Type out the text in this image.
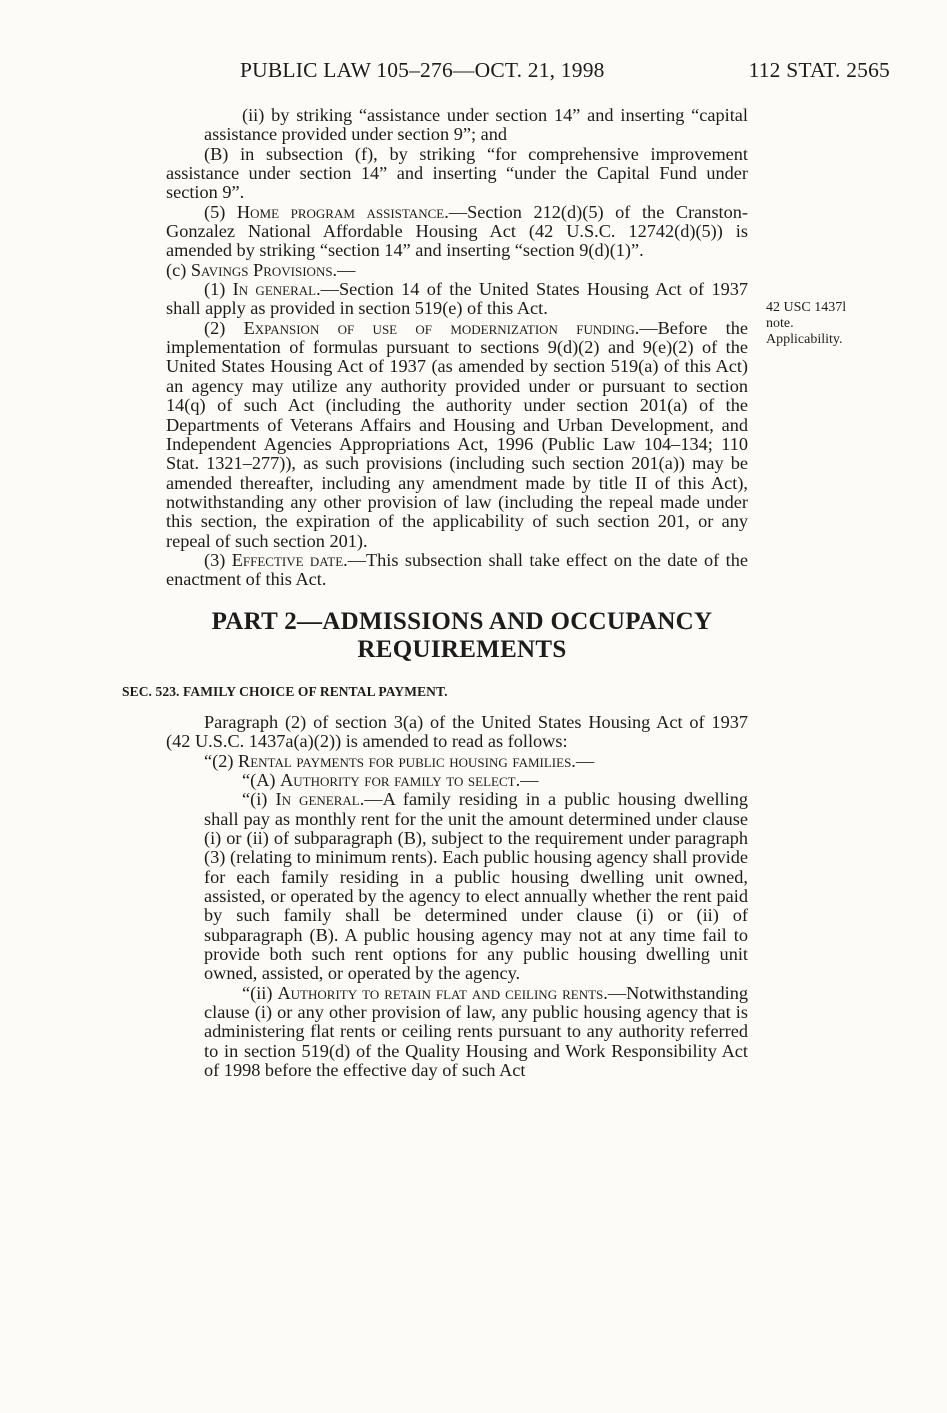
PUBLIC LAW 105–276—OCT. 21, 1998	112 STAT. 2565
42 USC 1437l
note.
Applicability.

(ii) by striking “assistance under section 14” and inserting “capital assistance provided under section 9”; and

(B) in subsection (f), by striking “for comprehensive improvement assistance under section 14” and inserting “under the Capital Fund under section 9”.

(5) Home program assistance.—Section 212(d)(5) of the Cranston-Gonzalez National Affordable Housing Act (42 U.S.C. 12742(d)(5)) is amended by striking “section 14” and inserting “section 9(d)(1)”.

(c) Savings Provisions.—

(1) In general.—Section 14 of the United States Housing Act of 1937 shall apply as provided in section 519(e) of this Act.

(2) Expansion of use of modernization funding.—Before the implementation of formulas pursuant to sections 9(d)(2) and 9(e)(2) of the United States Housing Act of 1937 (as amended by section 519(a) of this Act) an agency may utilize any authority provided under or pursuant to section 14(q) of such Act (including the authority under section 201(a) of the Departments of Veterans Affairs and Housing and Urban Development, and Independent Agencies Appropriations Act, 1996 (Public Law 104–134; 110 Stat. 1321–277)), as such provisions (including such section 201(a)) may be amended thereafter, including any amendment made by title II of this Act), notwithstanding any other provision of law (including the repeal made under this section, the expiration of the applicability of such section 201, or any repeal of such section 201).

(3) Effective date.—This subsection shall take effect on the date of the enactment of this Act.

PART 2—ADMISSIONS AND OCCUPANCY
REQUIREMENTS
SEC. 523. FAMILY CHOICE OF RENTAL PAYMENT.

Paragraph (2) of section 3(a) of the United States Housing Act of 1937 (42 U.S.C. 1437a(a)(2)) is amended to read as follows:

“(2) Rental payments for public housing families.—

“(A) Authority for family to select.—

“(i) In general.—A family residing in a public housing dwelling shall pay as monthly rent for the unit the amount determined under clause (i) or (ii) of subparagraph (B), subject to the requirement under paragraph (3) (relating to minimum rents). Each public housing agency shall provide for each family residing in a public housing dwelling unit owned, assisted, or operated by the agency to elect annually whether the rent paid by such family shall be determined under clause (i) or (ii) of subparagraph (B). A public housing agency may not at any time fail to provide both such rent options for any public housing dwelling unit owned, assisted, or operated by the agency.

“(ii) Authority to retain flat and ceiling rents.—Notwithstanding clause (i) or any other provision of law, any public housing agency that is administering flat rents or ceiling rents pursuant to any authority referred to in section 519(d) of the Quality Housing and Work Responsibility Act of 1998 before the effective day of such Act
